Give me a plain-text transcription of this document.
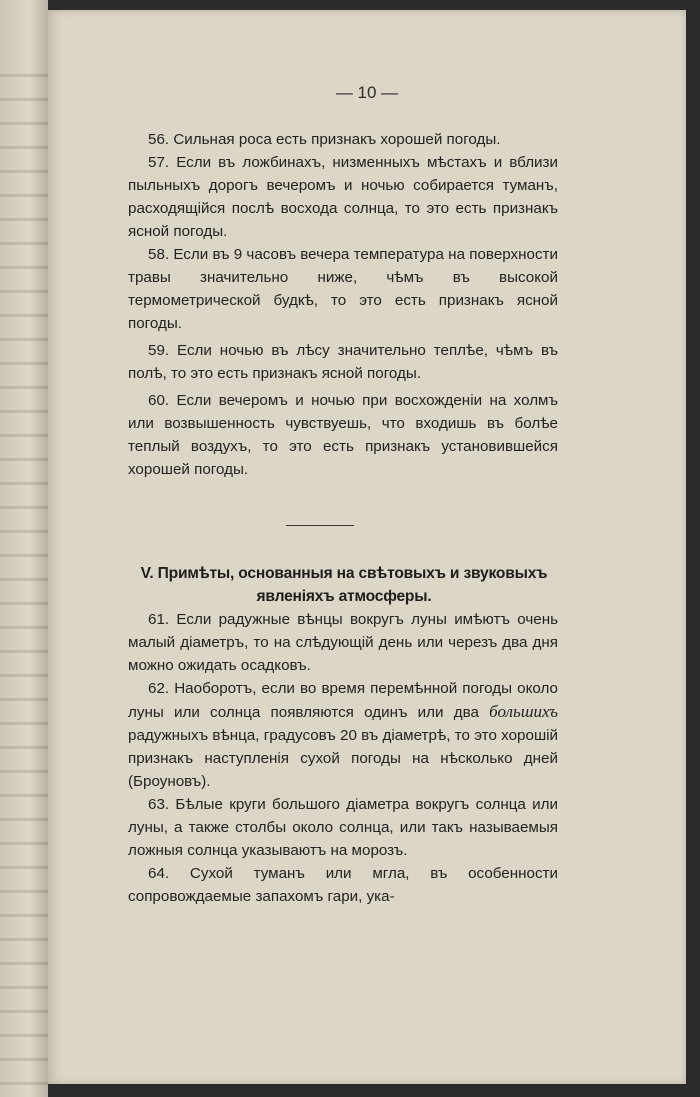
— 10 —

56. Сильная роса есть признакъ хорошей погоды.

57. Если въ ложбинахъ, низменныхъ мѣстахъ и вблизи пыльныхъ дорогъ вечеромъ и ночью собирается туманъ, расходящійся послѣ восхода солнца, то это есть признакъ ясной погоды.

58. Если въ 9 часовъ вечера температура на поверхности травы значительно ниже, чѣмъ въ высокой термометрической будкѣ, то это есть признакъ ясной погоды.

59. Если ночью въ лѣсу значительно теплѣе, чѣмъ въ полѣ, то это есть признакъ ясной погоды.

60. Если вечеромъ и ночью при восхожденіи на холмъ или возвышенность чувствуешь, что входишь въ болѣе теплый воздухъ, то это есть признакъ установившейся хорошей погоды.

V. Примѣты, основанныя на свѣтовыхъ и звуковыхъ явленіяхъ атмосферы.

61. Если радужные вѣнцы вокругъ луны имѣютъ очень малый діаметръ, то на слѣдующій день или черезъ два дня можно ожидать осадковъ.

62. Наоборотъ, если во время перемѣнной погоды около луны или солнца появляются одинъ или два большихъ радужныхъ вѣнца, градусовъ 20 въ діаметрѣ, то это хорошій признакъ наступленія сухой погоды на нѣсколько дней (Броуновъ).

63. Бѣлые круги большого діаметра вокругъ солнца или луны, а также столбы около солнца, или такъ называемыя ложныя солнца указываютъ на морозъ.

64. Сухой туманъ или мгла, въ особенности сопровождаемые запахомъ гари, ука-
